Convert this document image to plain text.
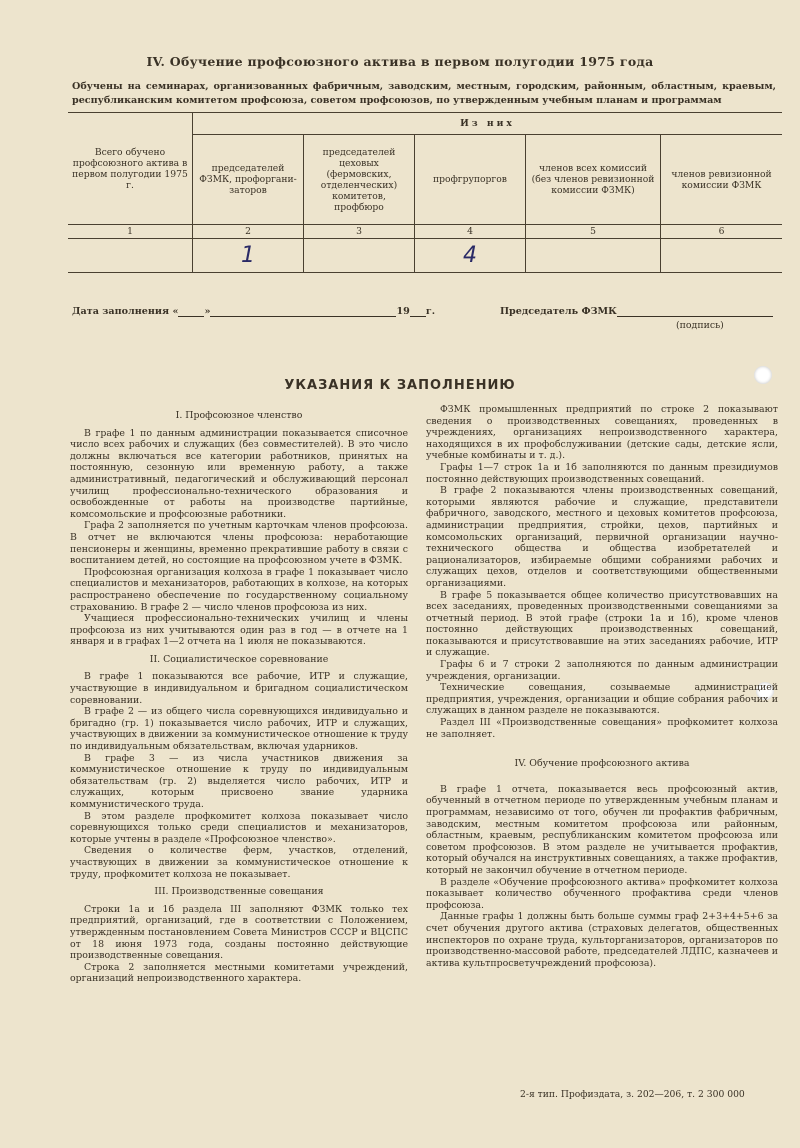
IV. Обучение профсоюзного актива в первом полугодии 1975 года
Обучены на семинарах, организованных фабричным, заводским, местным, городским, районным, областным, краевым, республиканским комитетом профсоюза, советом профсоюзов, по утвержденным учебным планам и программам
Всего обучено профсоюзного актива в первом полугодии 1975 г.	Из них				
	председателей ФЗМК, профоргани-заторов	председателей цеховых (фермовских, отделенческих) комитетов, профбюро	профгрупоргов	членов всех комиссий (без членов ревизионной комиссии ФЗМК)	членов ревизионной комиссии ФЗМК
1	2	3	4	5	6
	1		4		
Дата заполнения «	»	19 г.	Председатель ФЗМК
(подпись)
УКАЗАНИЯ К ЗАПОЛНЕНИЮ

I. Профсоюзное членство

В графе 1 по данным администрации показывается списочное число всех рабочих и служащих (без совместителей). В это число должны включаться все категории работников, принятых на постоянную, сезонную или временную работу, а также административный, педагогический и обслуживающий персонал училищ профессионально-технического образования и освобожденные от работы на производстве партийные, комсомольские и профсоюзные работники.

Графа 2 заполняется по учетным карточкам членов профсоюза. В отчет не включаются члены профсоюза: неработающие пенсионеры и женщины, временно прекратившие работу в связи с воспитанием детей, но состоящие на профсоюзном учете в ФЗМК.

Профсоюзная организация колхоза в графе 1 показывает число специалистов и механизаторов, работающих в колхозе, на которых распространено обеспечение по государственному социальному страхованию. В графе 2 — число членов профсоюза из них.

Учащиеся профессионально-технических училищ и члены профсоюза из них учитываются один раз в год — в отчете на 1 января и в графах 1—2 отчета на 1 июля не показываются.

II. Социалистическое соревнование

В графе 1 показываются все рабочие, ИТР и служащие, участвующие в индивидуальном и бригадном социалистическом соревновании.

В графе 2 — из общего числа соревнующихся индивидуально и бригадно (гр. 1) показывается число рабочих, ИТР и служащих, участвующих в движении за коммунистическое отношение к труду по индивидуальным обязательствам, включая ударников.

В графе 3 — из числа участников движения за коммунистическое отношение к труду по индивидуальным обязательствам (гр. 2) выделяется число рабочих, ИТР и служащих, которым присвоено звание ударника коммунистического труда.

В этом разделе профкомитет колхоза показывает число соревнующихся только среди специалистов и механизаторов, которые учтены в разделе «Профсоюзное членство».

Сведения о количестве ферм, участков, отделений, участвующих в движении за коммунистическое отношение к труду, профкомитет колхоза не показывает.

III. Производственные совещания

Строки 1а и 1б раздела III заполняют ФЗМК только тех предприятий, организаций, где в соответствии с Положением, утвержденным постановлением Совета Министров СССР и ВЦСПС от 18 июня 1973 года, созданы постоянно действующие производственные совещания.

Строка 2 заполняется местными комитетами учреждений, организаций непроизводственного характера.

ФЗМК промышленных предприятий по строке 2 показывают сведения о производственных совещаниях, проведенных в учреждениях, организациях непроизводственного характера, находящихся в их профобслуживании (детские сады, детские ясли, учебные комбинаты и т. д.).

Графы 1—7 строк 1а и 1б заполняются по данным президиумов постоянно действующих производственных совещаний.

В графе 2 показываются члены производственных совещаний, которыми являются рабочие и служащие, представители фабричного, заводского, местного и цеховых комитетов профсоюза, администрации предприятия, стройки, цехов, партийных и комсомольских организаций, первичной организации научно-технического общества и общества изобретателей и рационализаторов, избираемые общими собраниями рабочих и служащих цехов, отделов и соответствующими общественными организациями.

В графе 5 показывается общее количество присутствовавших на всех заседаниях, проведенных производственными совещаниями за отчетный период. В этой графе (строки 1а и 1б), кроме членов постоянно действующих производственных совещаний, показываются и присутствовавшие на этих заседаниях рабочие, ИТР и служащие.

Графы 6 и 7 строки 2 заполняются по данным администрации учреждения, организации.

Технические совещания, созываемые администрацией предприятия, учреждения, организации и общие собрания рабочих и служащих в данном разделе не показываются.

Раздел III «Производственные совещания» профкомитет колхоза не заполняет.

IV. Обучение профсоюзного актива

В графе 1 отчета, показывается весь профсоюзный актив, обученный в отчетном периоде по утвержденным учебным планам и программам, независимо от того, обучен ли профактив фабричным, заводским, местным комитетом профсоюза или районным, областным, краевым, республиканским комитетом профсоюза или советом профсоюзов. В этом разделе не учитывается профактив, который обучался на инструктивных совещаниях, а также профактив, который не закончил обучение в отчетном периоде.

В разделе «Обучение профсоюзного актива» профкомитет колхоза показывает количество обученного профактива среди членов профсоюза.

Данные графы 1 должны быть больше суммы граф 2+3+4+5+6 за счет обучения другого актива (страховых делегатов, общественных инспекторов по охране труда, культорганизаторов, организаторов по производственно-массовой работе, председателей ЛДПС, казначеев и актива культпросветучреждений профсоюза).

2-я тип. Профиздата, з. 202—206, т. 2 300 000
